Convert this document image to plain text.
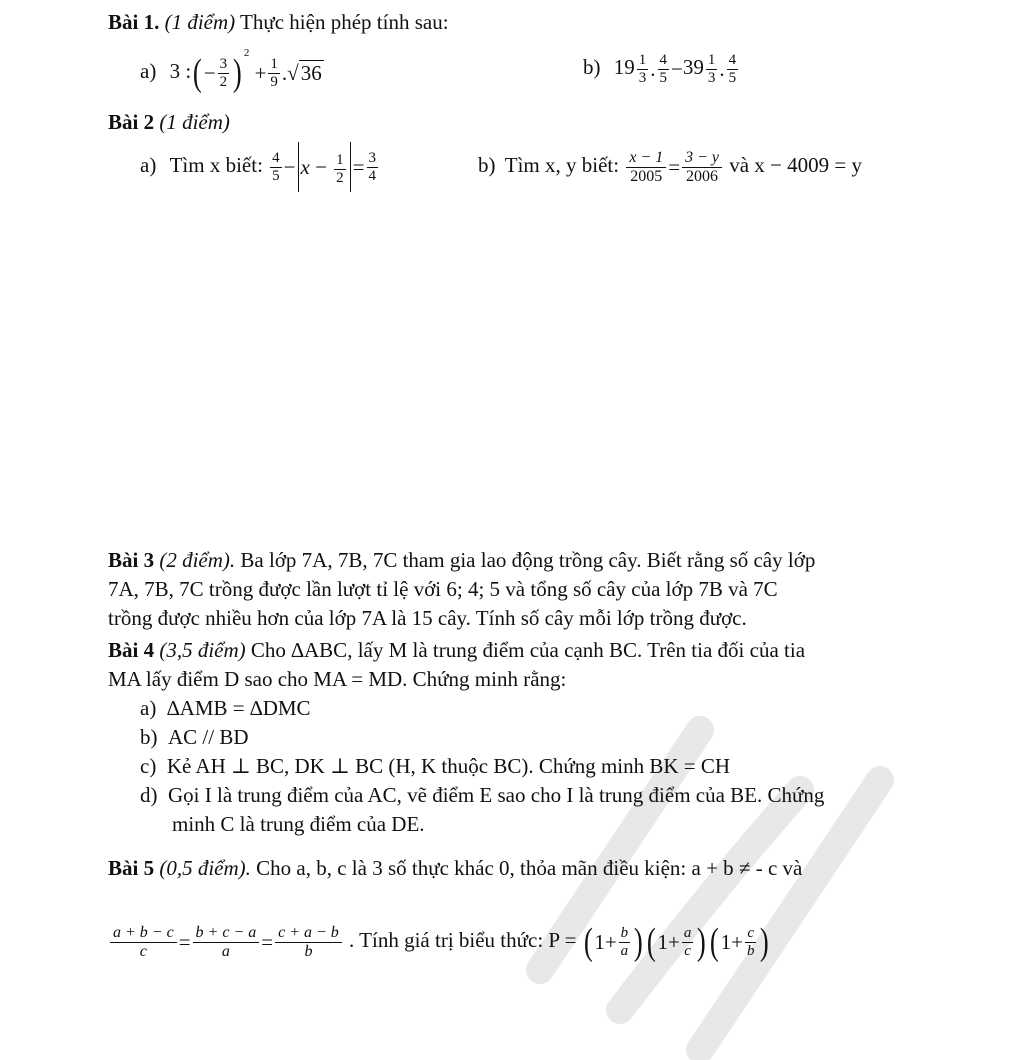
Bài 1. (1 điểm) Thực hiện phép tính sau:
a) 3 :(− $\frac{3}{2}$ ) $^2 + \frac{1}{9} .√36$	b) $19 \frac{1}{3}$ . $\frac{4}{5} -39 \frac{1}{3}$ . $\frac{4}{5}$
Bài 2 (1 điểm)
a) Tìm x biết: $\frac{4}{5} - x - \frac{1}{2} = \frac{3}{4}$	b) Tìm x, y biết: $\frac{x - 1}{2005} = \frac{3 - y}{2006}$ và x − 4009 = y
Bài 3 (2 điểm). Ba lớp 7A, 7B, 7C tham gia lao động trồng cây. Biết rằng số cây lớp
7A, 7B, 7C trồng được lần lượt tỉ lệ với 6; 4; 5 và tổng số cây của lớp 7B và 7C
trồng được nhiều hơn của lớp 7A là 15 cây. Tính số cây mỗi lớp trồng được.
Bài 4 (3,5 điểm) Cho ∆ABC, lấy M là trung điểm của cạnh BC. Trên tia đối của tia
MA lấy điểm D sao cho MA = MD. Chứng minh rằng:
a) ∆AMB = ∆DMC
b) AC // BD
c) Kẻ AH ⊥ BC, DK ⊥ BC (H, K thuộc BC). Chứng minh BK = CH
d) Gọi I là trung điểm của AC, vẽ điểm E sao cho I là trung điểm của BE. Chứng
minh C là trung điểm của DE.
Bài 5 (0,5 điểm). Cho a, b, c là 3 số thực khác 0, thỏa mãn điều kiện: a + b ≠ - c và
$\frac{a + b - c}{c} = \frac{b + c - a}{a} = \frac{c + a - b}{b}$ . Tính giá trị biểu thức: $P = (1+ \frac{b}{a} )(1+ \frac{a}{c} )(1+ \frac{c}{b}$ )
